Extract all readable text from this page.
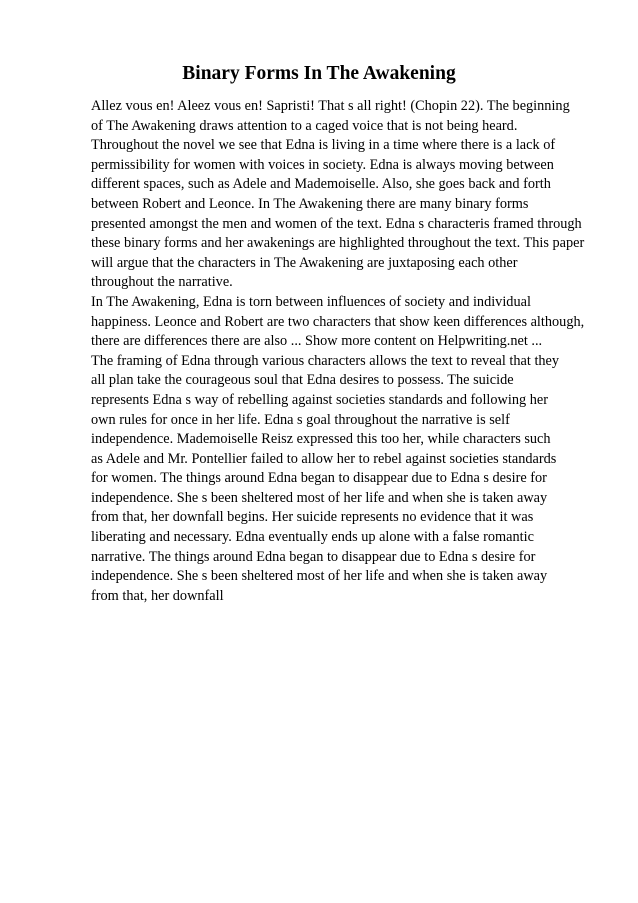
Binary Forms In The Awakening
Allez vous en! Aleez vous en! Sapristi! That s all right! (Chopin 22). The beginning
of The Awakening draws attention to a caged voice that is not being heard.
Throughout the novel we see that Edna is living in a time where there is a lack of
permissibility for women with voices in society. Edna is always moving between
different spaces, such as Adele and Mademoiselle. Also, she goes back and forth
between Robert and Leonce. In The Awakening there are many binary forms
presented amongst the men and women of the text. Edna s characteris framed through
these binary forms and her awakenings are highlighted throughout the text. This paper
will argue that the characters in The Awakening are juxtaposing each other
throughout the narrative.
In The Awakening, Edna is torn between influences of society and individual
happiness. Leonce and Robert are two characters that show keen differences although,
there are differences there are also ... Show more content on Helpwriting.net ...
The framing of Edna through various characters allows the text to reveal that they
all plan take the courageous soul that Edna desires to possess. The suicide
represents Edna s way of rebelling against societies standards and following her
own rules for once in her life. Edna s goal throughout the narrative is self
independence. Mademoiselle Reisz expressed this too her, while characters such
as Adele and Mr. Pontellier failed to allow her to rebel against societies standards
for women. The things around Edna began to disappear due to Edna s desire for
independence. She s been sheltered most of her life and when she is taken away
from that, her downfall begins. Her suicide represents no evidence that it was
liberating and necessary. Edna eventually ends up alone with a false romantic
narrative. The things around Edna began to disappear due to Edna s desire for
independence. She s been sheltered most of her life and when she is taken away
from that, her downfall
